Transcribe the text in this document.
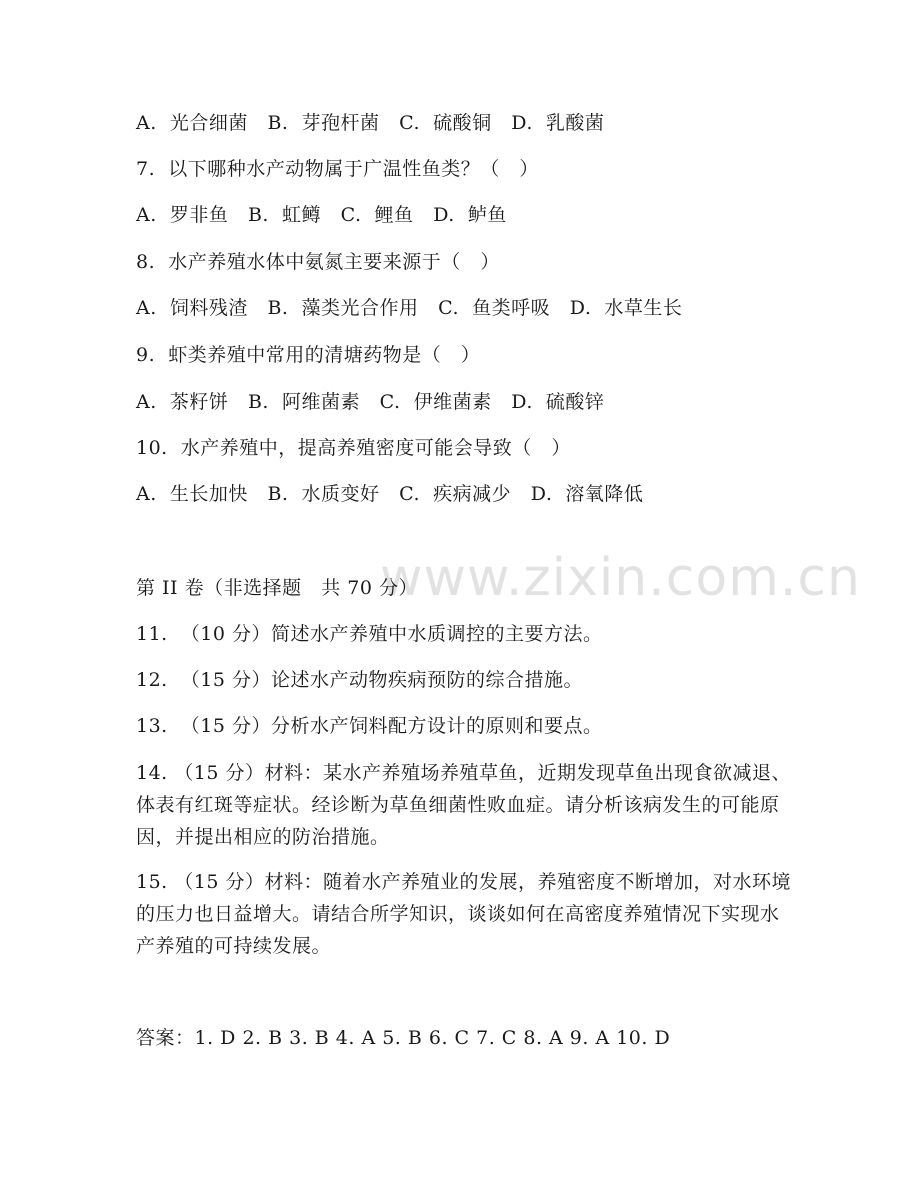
www.zixin.com.cn
A.  光合细菌   B.  芽孢杆菌   C.  硫酸铜   D.  乳酸菌
7.  以下哪种水产动物属于广温性鱼类？（   ）
A.  罗非鱼   B.  虹鳟   C.  鲤鱼   D.  鲈鱼
8.  水产养殖水体中氨氮主要来源于（   ）
A.  饲料残渣   B.  藻类光合作用   C.  鱼类呼吸   D.  水草生长
9.  虾类养殖中常用的清塘药物是（   ）
A.  茶籽饼   B.  阿维菌素   C.  伊维菌素   D.  硫酸锌
10.  水产养殖中，提高养殖密度可能会导致（   ）
A.  生长加快   B.  水质变好   C.  疾病减少   D.  溶氧降低
第 II 卷（非选择题   共 70 分）
11.  （10 分）简述水产养殖中水质调控的主要方法。
12.  （15 分）论述水产动物疾病预防的综合措施。
13.  （15 分）分析水产饲料配方设计的原则和要点。
14. （15 分）材料：某水产养殖场养殖草鱼，近期发现草鱼出现食欲减退、体表有红斑等症状。经诊断为草鱼细菌性败血症。请分析该病发生的可能原因，并提出相应的防治措施。
15. （15 分）材料：随着水产养殖业的发展，养殖密度不断增加，对水环境的压力也日益增大。请结合所学知识，谈谈如何在高密度养殖情况下实现水产养殖的可持续发展。
答案：1. D 2. B 3. B 4. A 5. B 6. C 7. C 8. A 9. A 10. D
